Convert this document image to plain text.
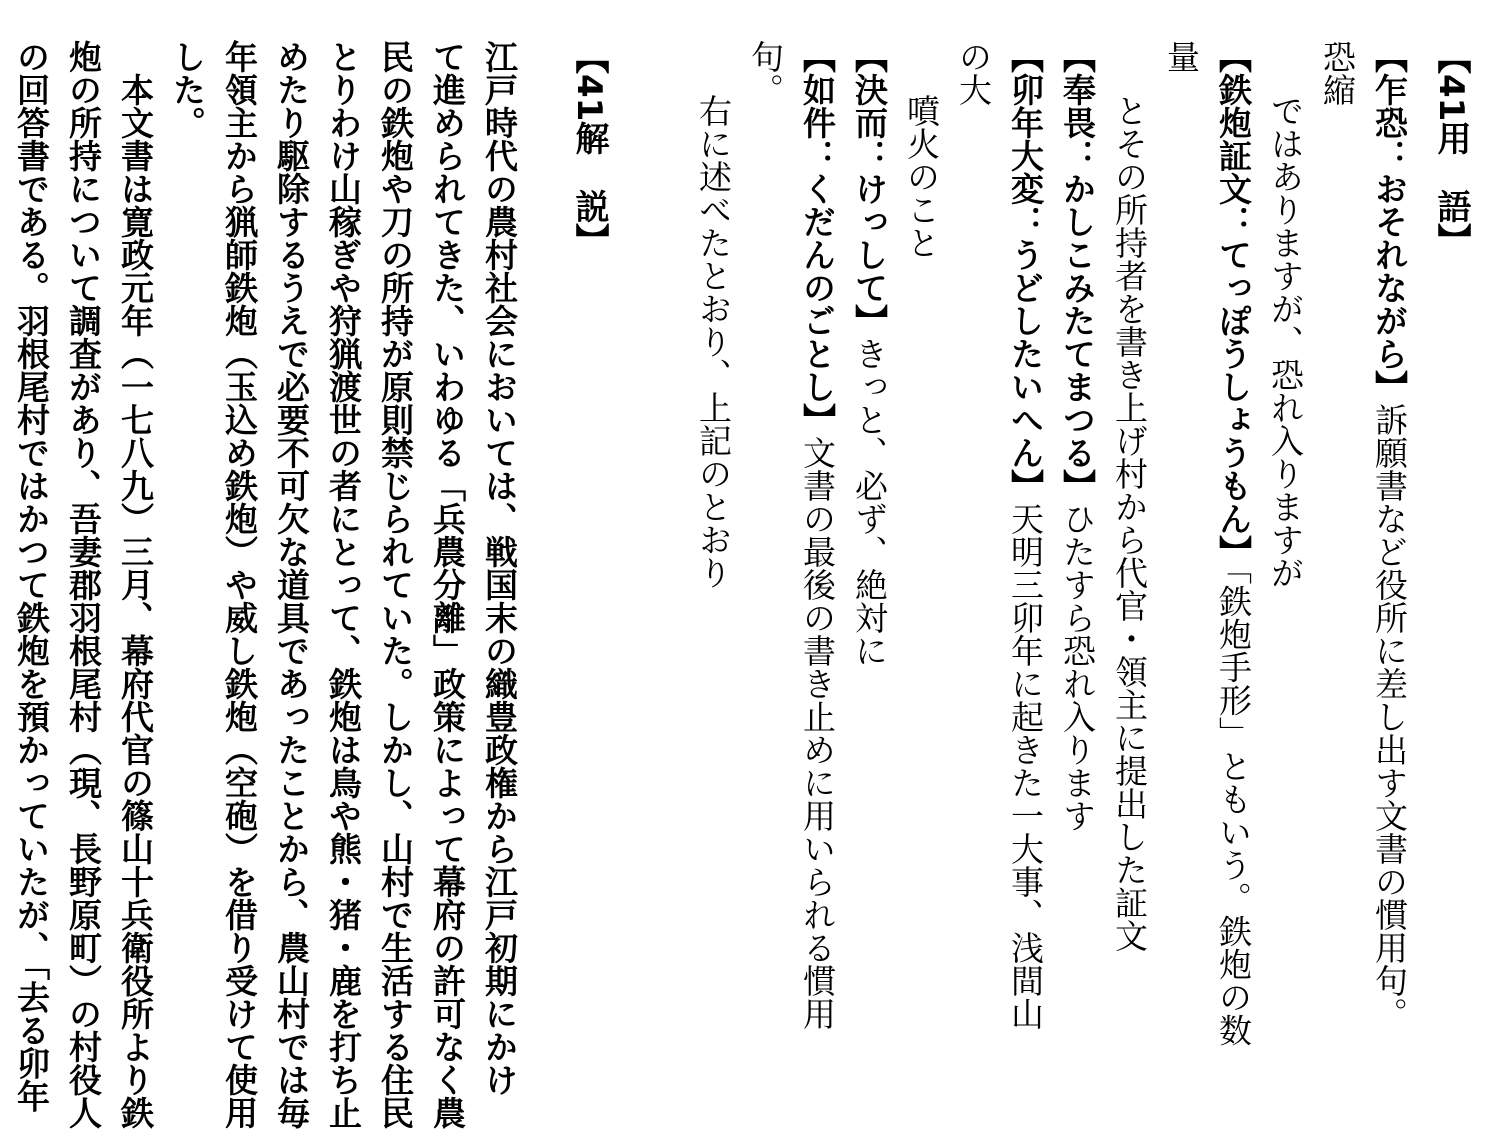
【41用　語】
【乍恐：おそれながら】訴願書など役所に差し出す文書の慣用句。恐縮
ではありますが、恐れ入りますが
【鉄炮証文：てっぽうしょうもん】「鉄炮手形」ともいう。鉄炮の数量
とその所持者を書き上げ村から代官・領主に提出した証文
【奉畏：かしこみたてまつる】ひたすら恐れ入ります
【卯年大変：うどしたいへん】天明三卯年に起きた一大事、浅間山の大
噴火のこと
【決而：けっして】きっと、必ず、絶対に
【如件：くだんのごとし】文書の最後の書き止めに用いられる慣用句。
右に述べたとおり、上記のとおり
【41解　説】
江戸時代の農村社会においては、戦国末の織豊政権から江戸初期にかけ
て進められてきた、いわゆる「兵農分離」政策によって幕府の許可なく農
民の鉄炮や刀の所持が原則禁じられていた。しかし、山村で生活する住民
とりわけ山稼ぎや狩猟渡世の者にとって、鉄炮は鳥や熊・猪・鹿を打ち止
めたり駆除するうえで必要不可欠な道具であったことから、農山村では毎
年領主から猟師鉄炮（玉込め鉄炮）や威し鉄炮（空砲）を借り受けて使用
した。
本文書は寛政元年（一七八九）三月、幕府代官の篠山十兵衛役所より鉄
炮の所持について調査があり、吾妻郡羽根尾村（現、長野原町）の村役人
の回答書である。羽根尾村ではかつて鉄炮を預かっていたが、「去る卯年
